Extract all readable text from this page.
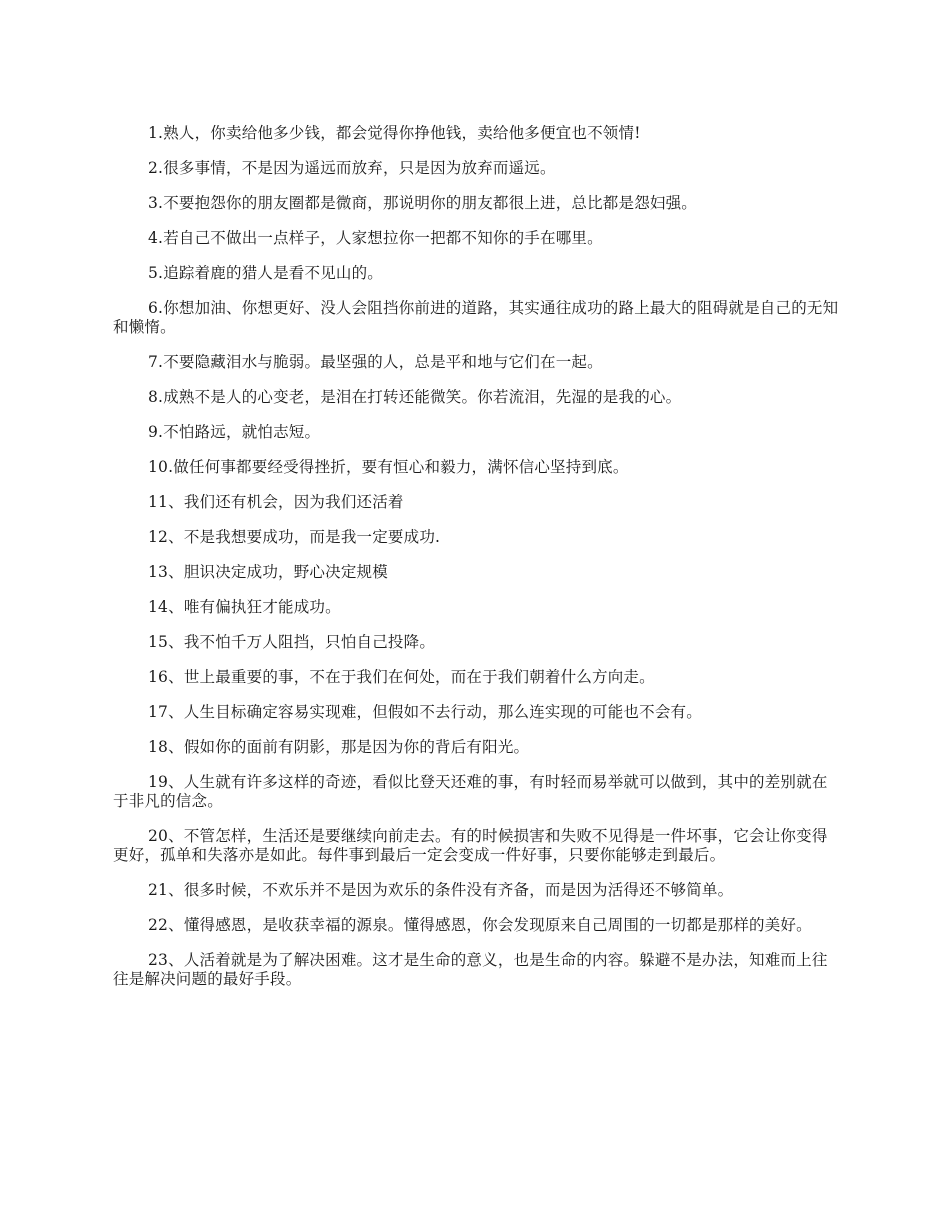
1.熟人，你卖给他多少钱，都会觉得你挣他钱，卖给他多便宜也不领情!

2.很多事情，不是因为遥远而放弃，只是因为放弃而遥远。

3.不要抱怨你的朋友圈都是微商，那说明你的朋友都很上进，总比都是怨妇强。

4.若自己不做出一点样子，人家想拉你一把都不知你的手在哪里。

5.追踪着鹿的猎人是看不见山的。

6.你想加油、你想更好、没人会阻挡你前进的道路，其实通往成功的路上最大的阻碍就是自己的无知和懒惰。

7.不要隐藏泪水与脆弱。最坚强的人，总是平和地与它们在一起。

8.成熟不是人的心变老，是泪在打转还能微笑。你若流泪，先湿的是我的心。

9.不怕路远，就怕志短。

10.做任何事都要经受得挫折，要有恒心和毅力，满怀信心坚持到底。

11、我们还有机会，因为我们还活着

12、不是我想要成功，而是我一定要成功.

13、胆识决定成功，野心决定规模

14、唯有偏执狂才能成功。

15、我不怕千万人阻挡，只怕自己投降。

16、世上最重要的事，不在于我们在何处，而在于我们朝着什么方向走。

17、人生目标确定容易实现难，但假如不去行动，那么连实现的可能也不会有。

18、假如你的面前有阴影，那是因为你的背后有阳光。

19、人生就有许多这样的奇迹，看似比登天还难的事，有时轻而易举就可以做到，其中的差别就在于非凡的信念。

20、不管怎样，生活还是要继续向前走去。有的时候损害和失败不见得是一件坏事，它会让你变得更好，孤单和失落亦是如此。每件事到最后一定会变成一件好事，只要你能够走到最后。

21、很多时候，不欢乐并不是因为欢乐的条件没有齐备，而是因为活得还不够简单。

22、懂得感恩，是收获幸福的源泉。懂得感恩，你会发现原来自己周围的一切都是那样的美好。

23、人活着就是为了解决困难。这才是生命的意义，也是生命的内容。躲避不是办法，知难而上往往是解决问题的最好手段。
